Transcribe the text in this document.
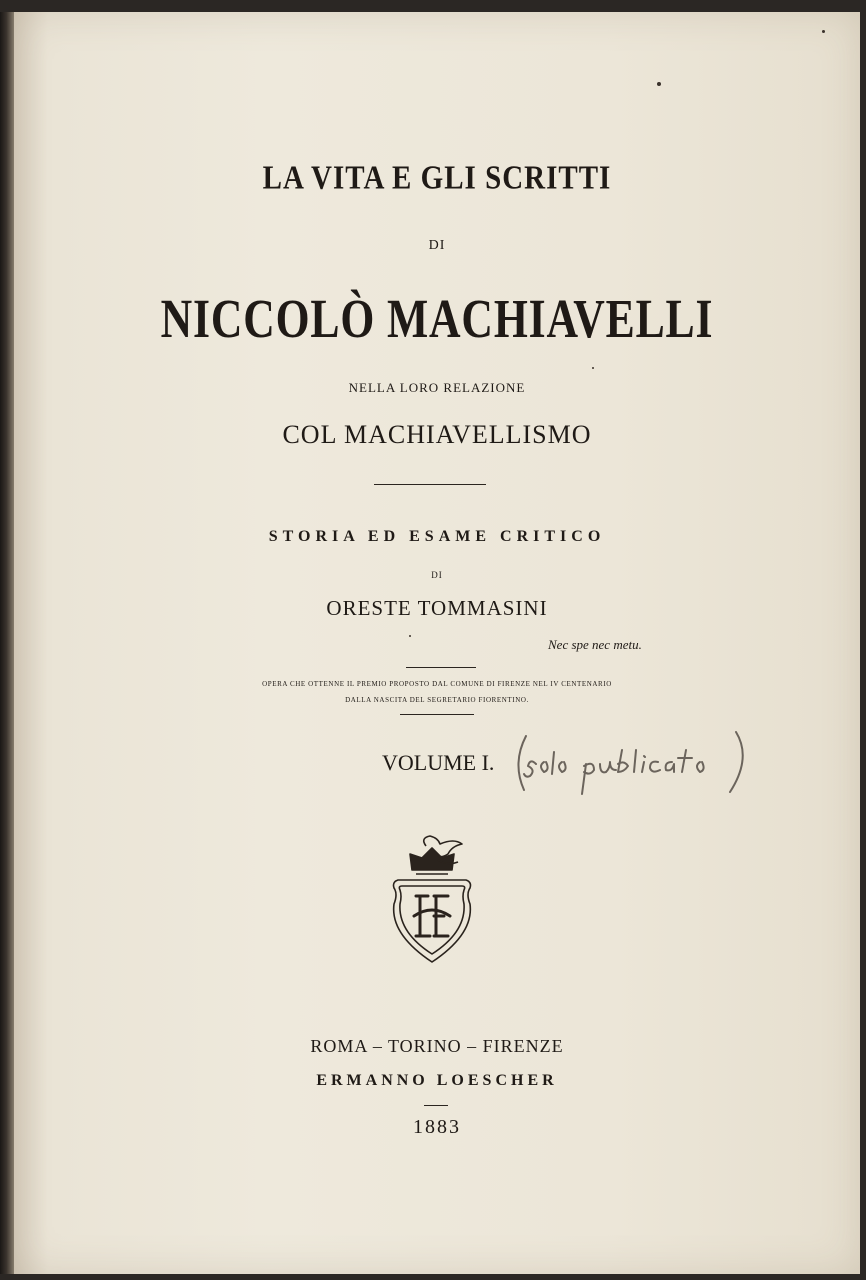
LA VITA E GLI SCRITTI

DI

NICCOLÒ MACHIAVELLI

NELLA LORO RELAZIONE

COL MACHIAVELLISMO

STORIA ED ESAME CRITICO

DI

ORESTE TOMMASINI

Nec spe nec metu.

OPERA CHE OTTENNE IL PREMIO PROPOSTO DAL COMUNE DI FIRENZE NEL IV CENTENARIO

DALLA NASCITA DEL SEGRETARIO FIORENTINO.

VOLUME I.

ROMA – TORINO – FIRENZE

ERMANNO LOESCHER

1883
